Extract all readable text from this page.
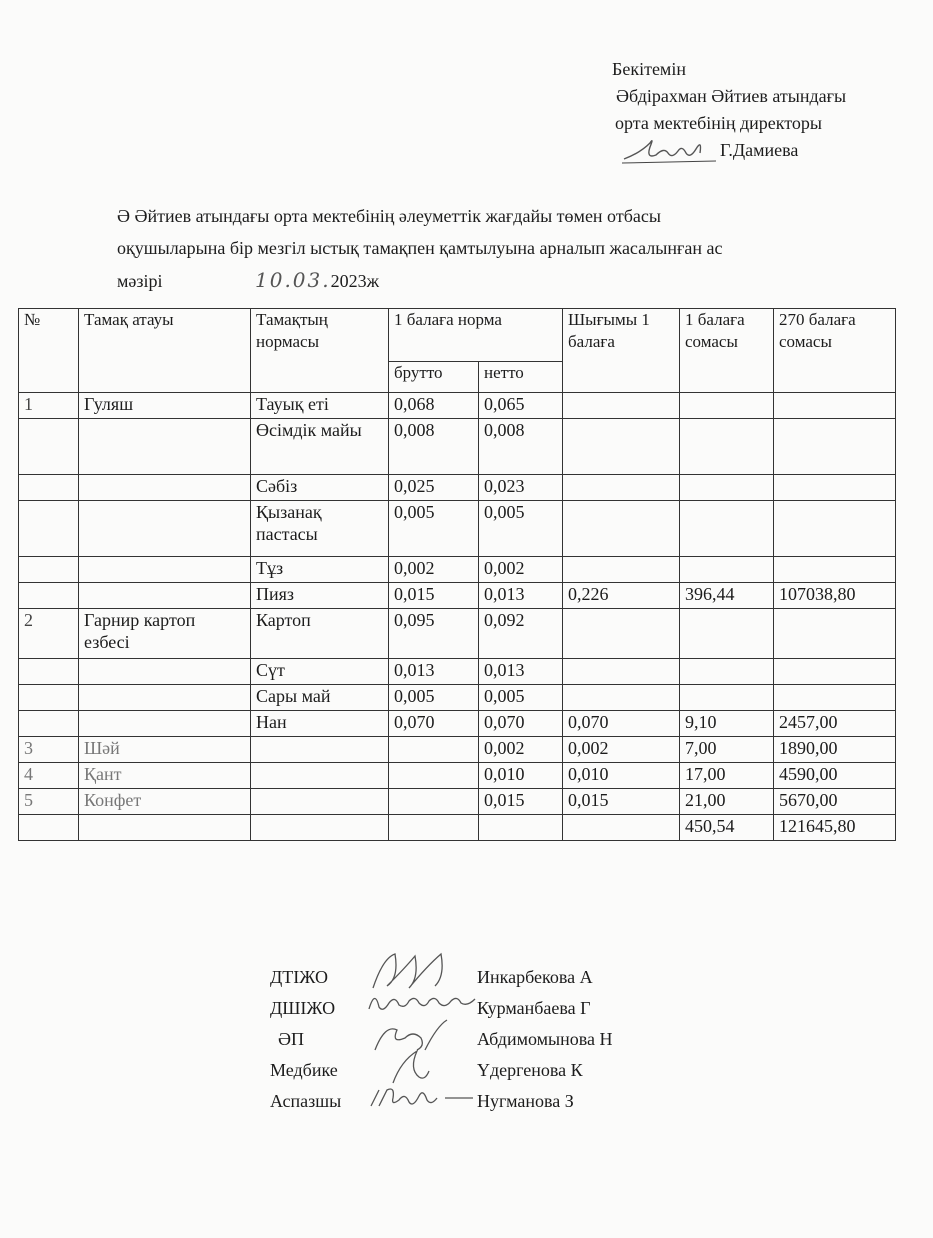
Бекітемін
Әбдірахман Әйтиев атындағы
орта мектебінің директоры
Г.Дамиева
Ә Әйтиев атындағы орта мектебінің әлеуметтік жағдайы төмен отбасы
оқушыларына бір мезгіл ыстық тамақпен қамтылуына арналып жасалынған ас
мәзірі	10.03.2023ж
№	Тамақ атауы	Тамақтың нормасы	1 балаға норма		Шығымы 1 балаға	1 балаға сомасы	270 балаға сомасы
			брутто	нетто			
1	Гуляш	Тауық еті	0,068	0,065			
		Өсімдік майы	0,008	0,008			
		Сәбіз	0,025	0,023			
		Қызанақ пастасы	0,005	0,005			
		Тұз	0,002	0,002			
		Пияз	0,015	0,013	0,226	396,44	107038,80
2	Гарнир картоп езбесі	Картоп	0,095	0,092			
		Сүт	0,013	0,013			
		Сары май	0,005	0,005			
		Нан	0,070	0,070	0,070	9,10	2457,00
3	Шәй			0,002	0,002	7,00	1890,00
4	Қант			0,010	0,010	17,00	4590,00
5	Конфет			0,015	0,015	21,00	5670,00
						450,54	121645,80
ДТІЖО	Инкарбекова А
ДШІЖО	Курманбаева Г
ӘП	Абдимомынова Н
Медбике	Үдергенова К
Аспазшы	Нугманова З
